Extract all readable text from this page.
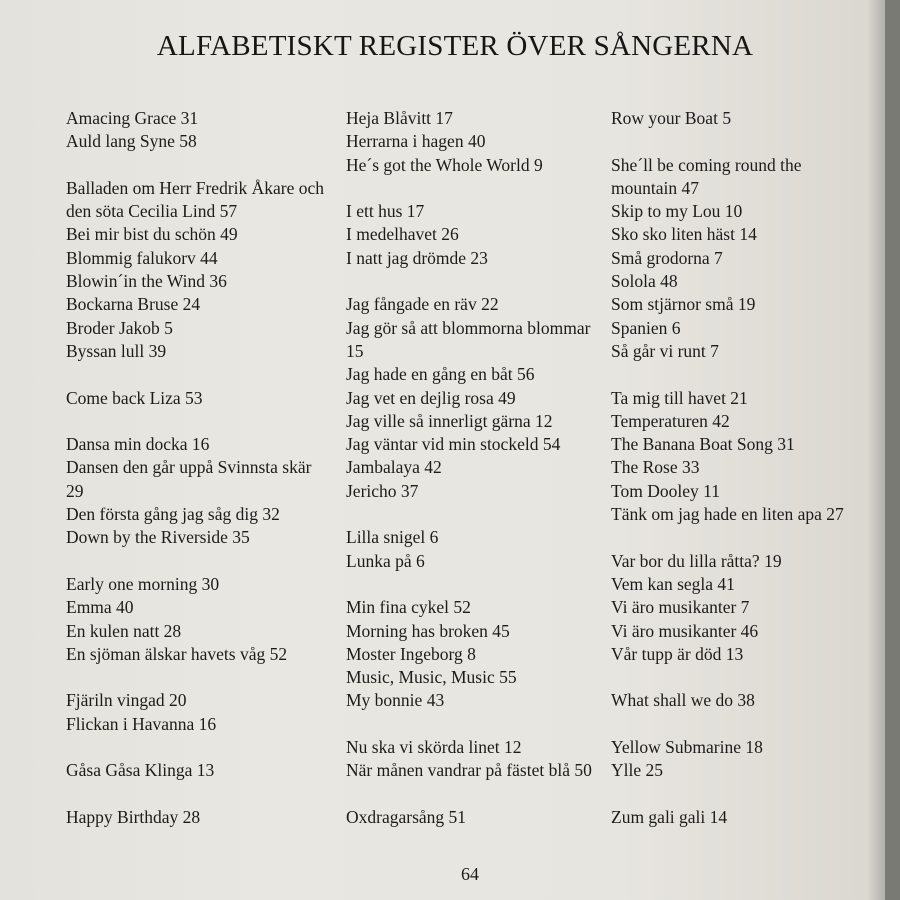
ALFABETISKT REGISTER ÖVER SÅNGERNA
Amacing Grace 31
Auld lang Syne 58
Balladen om Herr Fredrik Åkare och den söta Cecilia Lind 57
Bei mir bist du schön 49
Blommig falukorv 44
Blowin´in the Wind 36
Bockarna Bruse 24
Broder Jakob 5
Byssan lull 39
Come back Liza 53
Dansa min docka 16
Dansen den går uppå Svinnsta skär 29
Den första gång jag såg dig 32
Down by the Riverside 35
Early one morning 30
Emma 40
En kulen natt 28
En sjöman älskar havets våg 52
Fjäriln vingad 20
Flickan i Havanna 16
Gåsa Gåsa Klinga 13
Happy Birthday 28
Heja Blåvitt 17
Herrarna i hagen 40
He´s got the Whole World 9
I ett hus 17
I medelhavet 26
I natt jag drömde 23
Jag fångade en räv 22
Jag gör så att blommorna blommar 15
Jag hade en gång en båt 56
Jag vet en dejlig rosa 49
Jag ville så innerligt gärna 12
Jag väntar vid min stockeld 54
Jambalaya 42
Jericho 37
Lilla snigel 6
Lunka på 6
Min fina cykel 52
Morning has broken 45
Moster Ingeborg 8
Music, Music, Music 55
My bonnie 43
Nu ska vi skörda linet 12
När månen vandrar på fästet blå 50
Oxdragarsång 51
Row your Boat 5
She´ll be coming round the mountain 47
Skip to my Lou 10
Sko sko liten häst 14
Små grodorna 7
Solola 48
Som stjärnor små 19
Spanien 6
Så går vi runt 7
Ta mig till havet 21
Temperaturen 42
The Banana Boat Song 31
The Rose 33
Tom Dooley 11
Tänk om jag hade en liten apa 27
Var bor du lilla råtta? 19
Vem kan segla 41
Vi äro musikanter 7
Vi äro musikanter 46
Vår tupp är död 13
What shall we do 38
Yellow Submarine 18
Ylle 25
Zum gali gali 14
64
